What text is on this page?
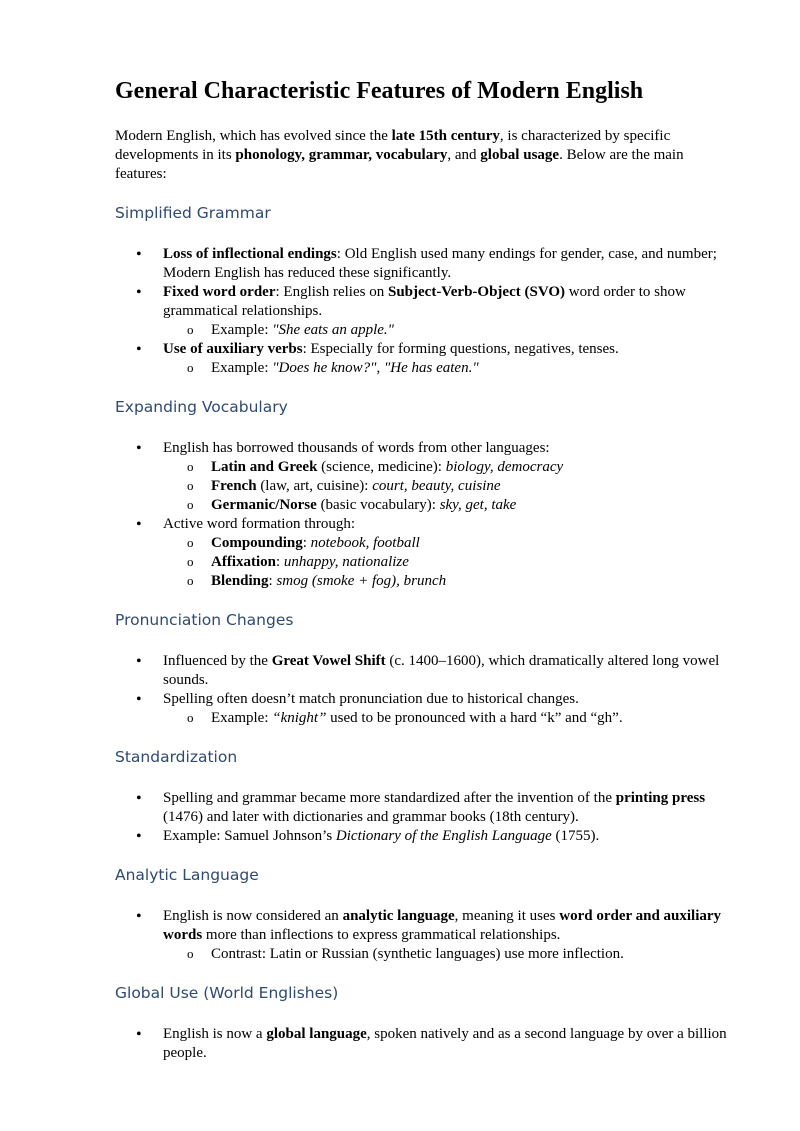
General Characteristic Features of Modern English

Modern English, which has evolved since the late 15th century, is characterized by specific developments in its phonology, grammar, vocabulary, and global usage. Below are the main features:

Simplified Grammar
• Loss of inflectional endings: Old English used many endings for gender, case, and number; Modern English has reduced these significantly.
• Fixed word order: English relies on Subject-Verb-Object (SVO) word order to show grammatical relationships.
o Example: "She eats an apple."
• Use of auxiliary verbs: Especially for forming questions, negatives, tenses.
o Example: "Does he know?", "He has eaten."
Expanding Vocabulary
• English has borrowed thousands of words from other languages:
o Latin and Greek (science, medicine): biology, democracy
o French (law, art, cuisine): court, beauty, cuisine
o Germanic/Norse (basic vocabulary): sky, get, take
• Active word formation through:
o Compounding: notebook, football
o Affixation: unhappy, nationalize
o Blending: smog (smoke + fog), brunch
Pronunciation Changes
• Influenced by the Great Vowel Shift (c. 1400–1600), which dramatically altered long vowel sounds.
• Spelling often doesn’t match pronunciation due to historical changes.
o Example: “knight” used to be pronounced with a hard “k” and “gh”.
Standardization
• Spelling and grammar became more standardized after the invention of the printing press (1476) and later with dictionaries and grammar books (18th century).
• Example: Samuel Johnson’s Dictionary of the English Language (1755).
Analytic Language
• English is now considered an analytic language, meaning it uses word order and auxiliary words more than inflections to express grammatical relationships.
o Contrast: Latin or Russian (synthetic languages) use more inflection.
Global Use (World Englishes)
• English is now a global language, spoken natively and as a second language by over a billion people.
